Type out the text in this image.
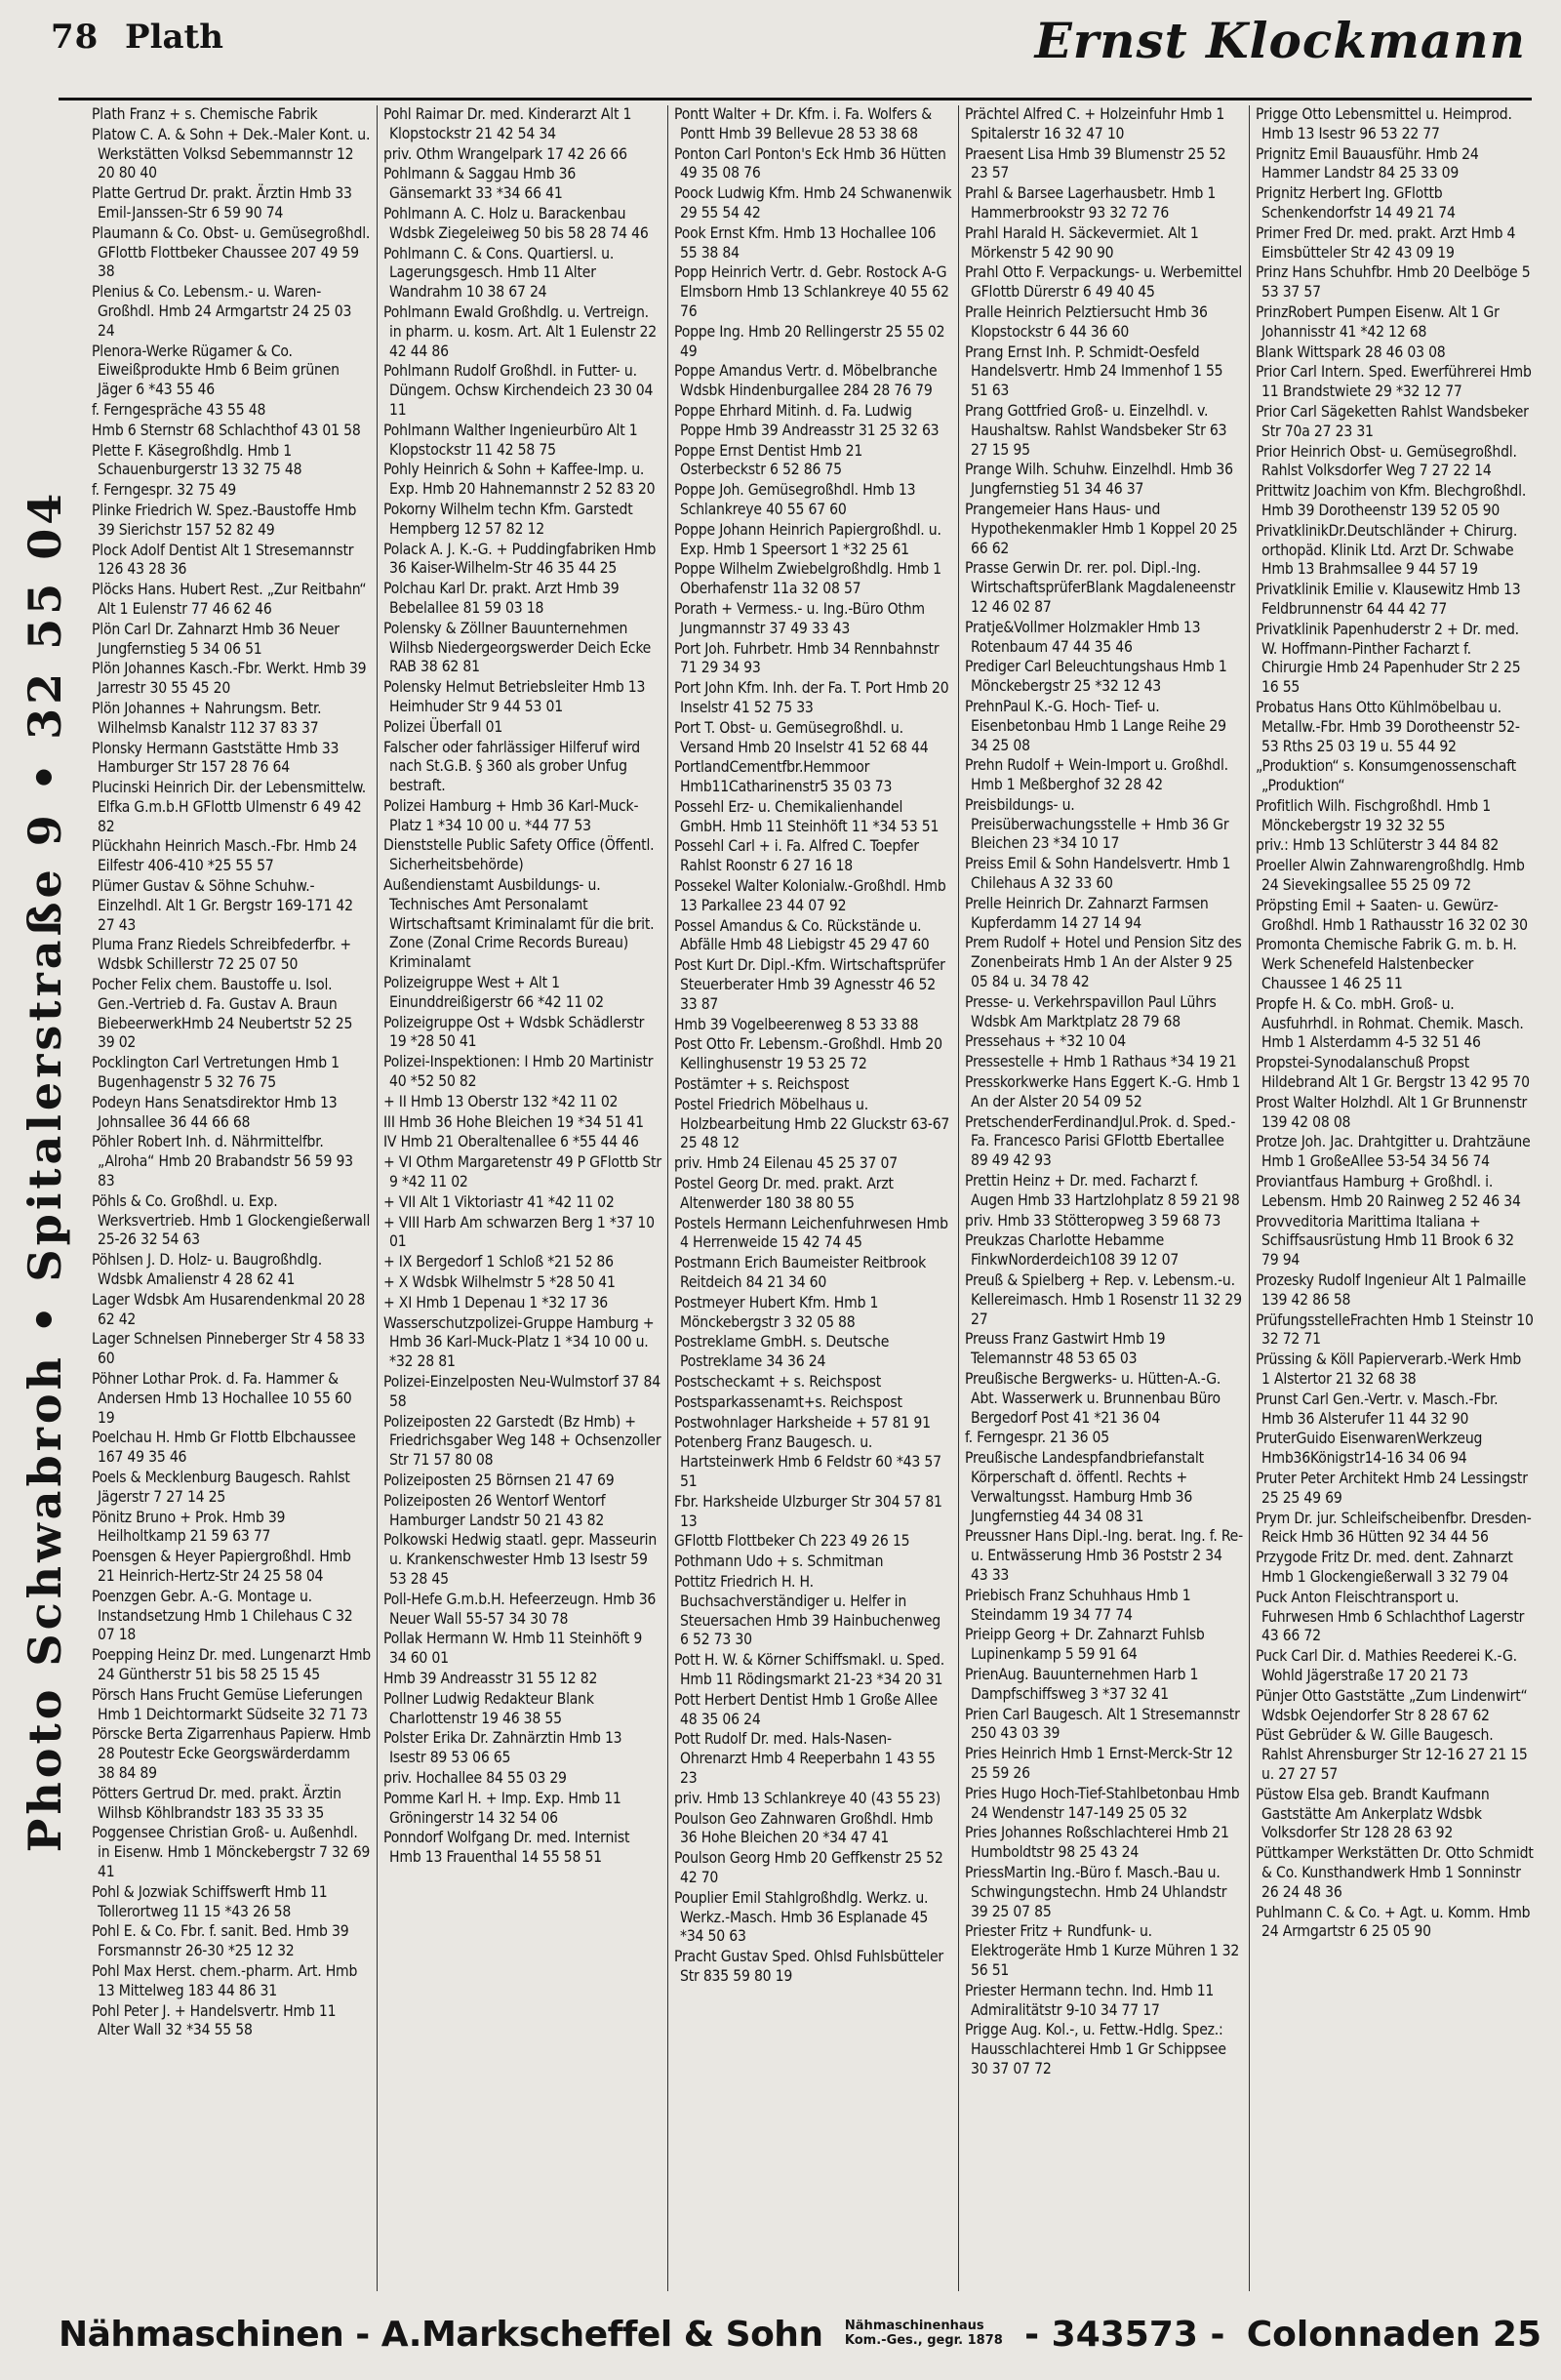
78 Plath	Ernst Klockmann
Photo Schwabroh • Spitalerstraße 9 • 32 55 04
Plath Franz + s. Chemische Fabrik
Platow C. A. & Sohn + Dek.-Maler Kont. u. Werkstätten Volksd Sebemmannstr 12 20 80 40
Platte Gertrud Dr. prakt. Ärztin Hmb 33 Emil-Janssen-Str 6 59 90 74
Plaumann & Co. Obst- u. Gemüsegroßhdl. GFlottb Flottbeker Chaussee 207 49 59 38
Plenius & Co. Lebensm.- u. Waren-Großhdl. Hmb 24 Armgartstr 24 25 03 24
Plenora-Werke Rügamer & Co. Eiweißprodukte Hmb 6 Beim grünen Jäger 6 *43 55 46
f. Ferngespräche 43 55 48
Hmb 6 Sternstr 68 Schlachthof 43 01 58
Plette F. Käsegroßhdlg. Hmb 1 Schauenburgerstr 13 32 75 48
f. Ferngespr. 32 75 49
Plinke Friedrich W. Spez.-Baustoffe Hmb 39 Sierichstr 157 52 82 49
Plock Adolf Dentist Alt 1 Stresemannstr 126 43 28 36
Plöcks Hans. Hubert Rest. „Zur Reitbahn“ Alt 1 Eulenstr 77 46 62 46
Plön Carl Dr. Zahnarzt Hmb 36 Neuer Jungfernstieg 5 34 06 51
Plön Johannes Kasch.-Fbr. Werkt. Hmb 39 Jarrestr 30 55 45 20
Plön Johannes + Nahrungsm. Betr. Wilhelmsb Kanalstr 112 37 83 37
Plonsky Hermann Gaststätte Hmb 33 Hamburger Str 157 28 76 64
Plucinski Heinrich Dir. der Lebensmittelw. Elfka G.m.b.H GFlottb Ulmenstr 6 49 42 82
Plückhahn Heinrich Masch.-Fbr. Hmb 24 Eilfestr 406-410 *25 55 57
Plümer Gustav & Söhne Schuhw.-Einzelhdl. Alt 1 Gr. Bergstr 169-171 42 27 43
Pluma Franz Riedels Schreibfederfbr. + Wdsbk Schillerstr 72 25 07 50
Pocher Felix chem. Baustoffe u. Isol. Gen.-Vertrieb d. Fa. Gustav A. Braun BiebeerwerkHmb 24 Neubertstr 52 25 39 02
Pocklington Carl Vertretungen Hmb 1 Bugenhagenstr 5 32 76 75
Podeyn Hans Senatsdirektor Hmb 13 Johnsallee 36 44 66 68
Pöhler Robert Inh. d. Nährmittelfbr. „Alroha“ Hmb 20 Brabandstr 56 59 93 83
Pöhls & Co. Großhdl. u. Exp. Werksvertrieb. Hmb 1 Glockengießerwall 25-26 32 54 63
Pöhlsen J. D. Holz- u. Baugroßhdlg. Wdsbk Amalienstr 4 28 62 41
Lager Wdsbk Am Husarendenkmal 20 28 62 42
Lager Schnelsen Pinneberger Str 4 58 33 60
Pöhner Lothar Prok. d. Fa. Hammer & Andersen Hmb 13 Hochallee 10 55 60 19
Poelchau H. Hmb Gr Flottb Elbchaussee 167 49 35 46
Poels & Mecklenburg Baugesch. Rahlst Jägerstr 7 27 14 25
Pönitz Bruno + Prok. Hmb 39 Heilholtkamp 21 59 63 77
Poensgen & Heyer Papiergroßhdl. Hmb 21 Heinrich-Hertz-Str 24 25 58 04
Poenzgen Gebr. A.-G. Montage u. Instandsetzung Hmb 1 Chilehaus C 32 07 18
Poepping Heinz Dr. med. Lungenarzt Hmb 24 Güntherstr 51 bis 58 25 15 45
Pörsch Hans Frucht Gemüse Lieferungen Hmb 1 Deichtormarkt Südseite 32 71 73
Pörscke Berta Zigarrenhaus Papierw. Hmb 28 Poutestr Ecke Georgswärderdamm 38 84 89
Pötters Gertrud Dr. med. prakt. Ärztin Wilhsb Köhlbrandstr 183 35 33 35
Poggensee Christian Groß- u. Außenhdl. in Eisenw. Hmb 1 Mönckebergstr 7 32 69 41
Pohl & Jozwiak Schiffswerft Hmb 11 Tollerortweg 11 15 *43 26 58
Pohl E. & Co. Fbr. f. sanit. Bed. Hmb 39 Forsmannstr 26-30 *25 12 32
Pohl Max Herst. chem.-pharm. Art. Hmb 13 Mittelweg 183 44 86 31
Pohl Peter J. + Handelsvertr. Hmb 11 Alter Wall 32 *34 55 58
Pohl Raimar Dr. med. Kinderarzt Alt 1 Klopstockstr 21 42 54 34
priv. Othm Wrangelpark 17 42 26 66
Pohlmann & Saggau Hmb 36 Gänsemarkt 33 *34 66 41
Pohlmann A. C. Holz u. Barackenbau Wdsbk Ziegeleiweg 50 bis 58 28 74 46
Pohlmann C. & Cons. Quartiersl. u. Lagerungsgesch. Hmb 11 Alter Wandrahm 10 38 67 24
Pohlmann Ewald Großhdlg. u. Vertreign. in pharm. u. kosm. Art. Alt 1 Eulenstr 22 42 44 86
Pohlmann Rudolf Großhdl. in Futter- u. Düngem. Ochsw Kirchendeich 23 30 04 11
Pohlmann Walther Ingenieurbüro Alt 1 Klopstockstr 11 42 58 75
Pohly Heinrich & Sohn + Kaffee-Imp. u. Exp. Hmb 20 Hahnemannstr 2 52 83 20
Pokorny Wilhelm techn Kfm. Garstedt Hempberg 12 57 82 12
Polack A. J. K.-G. + Puddingfabriken Hmb 36 Kaiser-Wilhelm-Str 46 35 44 25
Polchau Karl Dr. prakt. Arzt Hmb 39 Bebelallee 81 59 03 18
Polensky & Zöllner Bauunternehmen Wilhsb Niedergeorgswerder Deich Ecke RAB 38 62 81
Polensky Helmut Betriebsleiter Hmb 13 Heimhuder Str 9 44 53 01
Polizei Überfall 01
Falscher oder fahrlässiger Hilferuf wird nach St.G.B. § 360 als grober Unfug bestraft.
Polizei Hamburg + Hmb 36 Karl-Muck-Platz 1 *34 10 00 u. *44 77 53
Dienststelle Public Safety Office (Öffentl. Sicherheitsbehörde)
Außendienstamt Ausbildungs- u. Technisches Amt Personalamt Wirtschaftsamt Kriminalamt für die brit. Zone (Zonal Crime Records Bureau) Kriminalamt
Polizeigruppe West + Alt 1 Einunddreißigerstr 66 *42 11 02
Polizeigruppe Ost + Wdsbk Schädlerstr 19 *28 50 41
Polizei-Inspektionen: I Hmb 20 Martinistr 40 *52 50 82
+ II Hmb 13 Oberstr 132 *42 11 02
III Hmb 36 Hohe Bleichen 19 *34 51 41
IV Hmb 21 Oberaltenallee 6 *55 44 46
+ VI Othm Margaretenstr 49 P GFlottb Str 9 *42 11 02
+ VII Alt 1 Viktoriastr 41 *42 11 02
+ VIII Harb Am schwarzen Berg 1 *37 10 01
+ IX Bergedorf 1 Schloß *21 52 86
+ X Wdsbk Wilhelmstr 5 *28 50 41
+ XI Hmb 1 Depenau 1 *32 17 36
Wasserschutzpolizei-Gruppe Hamburg + Hmb 36 Karl-Muck-Platz 1 *34 10 00 u. *32 28 81
Polizei-Einzelposten Neu-Wulmstorf 37 84 58
Polizeiposten 22 Garstedt (Bz Hmb) + Friedrichsgaber Weg 148 + Ochsenzoller Str 71 57 80 08
Polizeiposten 25 Börnsen 21 47 69
Polizeiposten 26 Wentorf Wentorf Hamburger Landstr 50 21 43 82
Polkowski Hedwig staatl. gepr. Masseurin u. Krankenschwester Hmb 13 Isestr 59 53 28 45
Poll-Hefe G.m.b.H. Hefeerzeugn. Hmb 36 Neuer Wall 55-57 34 30 78
Pollak Hermann W. Hmb 11 Steinhöft 9 34 60 01
Hmb 39 Andreasstr 31 55 12 82
Pollner Ludwig Redakteur Blank Charlottenstr 19 46 38 55
Polster Erika Dr. Zahnärztin Hmb 13 Isestr 89 53 06 65
priv. Hochallee 84 55 03 29
Pomme Karl H. + Imp. Exp. Hmb 11 Gröningerstr 14 32 54 06
Ponndorf Wolfgang Dr. med. Internist Hmb 13 Frauenthal 14 55 58 51
Pontt Walter + Dr. Kfm. i. Fa. Wolfers & Pontt Hmb 39 Bellevue 28 53 38 68
Ponton Carl Ponton's Eck Hmb 36 Hütten 49 35 08 76
Poock Ludwig Kfm. Hmb 24 Schwanenwik 29 55 54 42
Pook Ernst Kfm. Hmb 13 Hochallee 106 55 38 84
Popp Heinrich Vertr. d. Gebr. Rostock A-G Elmsborn Hmb 13 Schlankreye 40 55 62 76
Poppe Ing. Hmb 20 Rellingerstr 25 55 02 49
Poppe Amandus Vertr. d. Möbelbranche Wdsbk Hindenburgallee 284 28 76 79
Poppe Ehrhard Mitinh. d. Fa. Ludwig Poppe Hmb 39 Andreasstr 31 25 32 63
Poppe Ernst Dentist Hmb 21 Osterbeckstr 6 52 86 75
Poppe Joh. Gemüsegroßhdl. Hmb 13 Schlankreye 40 55 67 60
Poppe Johann Heinrich Papiergroßhdl. u. Exp. Hmb 1 Speersort 1 *32 25 61
Poppe Wilhelm Zwiebelgroßhdlg. Hmb 1 Oberhafenstr 11a 32 08 57
Porath + Vermess.- u. Ing.-Büro Othm Jungmannstr 37 49 33 43
Port Joh. Fuhrbetr. Hmb 34 Rennbahnstr 71 29 34 93
Port John Kfm. Inh. der Fa. T. Port Hmb 20 Inselstr 41 52 75 33
Port T. Obst- u. Gemüsegroßhdl. u. Versand Hmb 20 Inselstr 41 52 68 44
PortlandCementfbr.Hemmoor Hmb11Catharinenstr5 35 03 73
Possehl Erz- u. Chemikalienhandel GmbH. Hmb 11 Steinhöft 11 *34 53 51
Possehl Carl + i. Fa. Alfred C. Toepfer Rahlst Roonstr 6 27 16 18
Possekel Walter Kolonialw.-Großhdl. Hmb 13 Parkallee 23 44 07 92
Possel Amandus & Co. Rückstände u. Abfälle Hmb 48 Liebigstr 45 29 47 60
Post Kurt Dr. Dipl.-Kfm. Wirtschaftsprüfer Steuerberater Hmb 39 Agnesstr 46 52 33 87
Hmb 39 Vogelbeerenweg 8 53 33 88
Post Otto Fr. Lebensm.-Großhdl. Hmb 20 Kellinghusenstr 19 53 25 72
Postämter + s. Reichspost
Postel Friedrich Möbelhaus u. Holzbearbeitung Hmb 22 Gluckstr 63-67 25 48 12
priv. Hmb 24 Eilenau 45 25 37 07
Postel Georg Dr. med. prakt. Arzt Altenwerder 180 38 80 55
Postels Hermann Leichenfuhrwesen Hmb 4 Herrenweide 15 42 74 45
Postmann Erich Baumeister Reitbrook Reitdeich 84 21 34 60
Postmeyer Hubert Kfm. Hmb 1 Mönckebergstr 3 32 05 88
Postreklame GmbH. s. Deutsche Postreklame 34 36 24
Postscheckamt + s. Reichspost
Postsparkassenamt+s. Reichspost
Postwohnlager Harksheide + 57 81 91
Potenberg Franz Baugesch. u. Hartsteinwerk Hmb 6 Feldstr 60 *43 57 51
Fbr. Harksheide Ulzburger Str 304 57 81 13
GFlottb Flottbeker Ch 223 49 26 15
Pothmann Udo + s. Schmitman
Pottitz Friedrich H. H. Buchsachverständiger u. Helfer in Steuersachen Hmb 39 Hainbuchenweg 6 52 73 30
Pott H. W. & Körner Schiffsmakl. u. Sped. Hmb 11 Rödingsmarkt 21-23 *34 20 31
Pott Herbert Dentist Hmb 1 Große Allee 48 35 06 24
Pott Rudolf Dr. med. Hals-Nasen-Ohrenarzt Hmb 4 Reeperbahn 1 43 55 23
priv. Hmb 13 Schlankreye 40 (43 55 23)
Poulson Geo Zahnwaren Großhdl. Hmb 36 Hohe Bleichen 20 *34 47 41
Poulson Georg Hmb 20 Geffkenstr 25 52 42 70
Pouplier Emil Stahlgroßhdlg. Werkz. u. Werkz.-Masch. Hmb 36 Esplanade 45 *34 50 63
Pracht Gustav Sped. Ohlsd Fuhlsbütteler Str 835 59 80 19
Prächtel Alfred C. + Holzeinfuhr Hmb 1 Spitalerstr 16 32 47 10
Praesent Lisa Hmb 39 Blumenstr 25 52 23 57
Prahl & Barsee Lagerhausbetr. Hmb 1 Hammerbrookstr 93 32 72 76
Prahl Harald H. Säckevermiet. Alt 1 Mörkenstr 5 42 90 90
Prahl Otto F. Verpackungs- u. Werbemittel GFlottb Dürerstr 6 49 40 45
Pralle Heinrich Pelztiersucht Hmb 36 Klopstockstr 6 44 36 60
Prang Ernst Inh. P. Schmidt-Oesfeld Handelsvertr. Hmb 24 Immenhof 1 55 51 63
Prang Gottfried Groß- u. Einzelhdl. v. Haushaltsw. Rahlst Wandsbeker Str 63 27 15 95
Prange Wilh. Schuhw. Einzelhdl. Hmb 36 Jungfernstieg 51 34 46 37
Prangemeier Hans Haus- und Hypothekenmakler Hmb 1 Koppel 20 25 66 62
Prasse Gerwin Dr. rer. pol. Dipl.-Ing. WirtschaftsprüferBlank Magdaleneenstr 12 46 02 87
Pratje&Vollmer Holzmakler Hmb 13 Rotenbaum 47 44 35 46
Prediger Carl Beleuchtungshaus Hmb 1 Mönckebergstr 25 *32 12 43
PrehnPaul K.-G. Hoch- Tief- u. Eisenbetonbau Hmb 1 Lange Reihe 29 34 25 08
Prehn Rudolf + Wein-Import u. Großhdl. Hmb 1 Meßberghof 32 28 42
Preisbildungs- u. Preisüberwachungsstelle + Hmb 36 Gr Bleichen 23 *34 10 17
Preiss Emil & Sohn Handelsvertr. Hmb 1 Chilehaus A 32 33 60
Prelle Heinrich Dr. Zahnarzt Farmsen Kupferdamm 14 27 14 94
Prem Rudolf + Hotel und Pension Sitz des Zonenbeirats Hmb 1 An der Alster 9 25 05 84 u. 34 78 42
Presse- u. Verkehrspavillon Paul Lührs Wdsbk Am Marktplatz 28 79 68
Pressehaus + *32 10 04
Pressestelle + Hmb 1 Rathaus *34 19 21
Presskorkwerke Hans Eggert K.-G. Hmb 1 An der Alster 20 54 09 52
PretschenderFerdinandJul.Prok. d. Sped.-Fa. Francesco Parisi GFlottb Ebertallee 89 49 42 93
Prettin Heinz + Dr. med. Facharzt f. Augen Hmb 33 Hartzlohplatz 8 59 21 98
priv. Hmb 33 Stötteropweg 3 59 68 73
Preukzas Charlotte Hebamme FinkwNorderdeich108 39 12 07
Preuß & Spielberg + Rep. v. Lebensm.-u. Kellereimasch. Hmb 1 Rosenstr 11 32 29 27
Preuss Franz Gastwirt Hmb 19 Telemannstr 48 53 65 03
Preußische Bergwerks- u. Hütten-A.-G. Abt. Wasserwerk u. Brunnenbau Büro Bergedorf Post 41 *21 36 04
f. Ferngespr. 21 36 05
Preußische Landespfandbriefanstalt Körperschaft d. öffentl. Rechts + Verwaltungsst. Hamburg Hmb 36 Jungfernstieg 44 34 08 31
Preussner Hans Dipl.-Ing. berat. Ing. f. Re-u. Entwässerung Hmb 36 Poststr 2 34 43 33
Priebisch Franz Schuhhaus Hmb 1 Steindamm 19 34 77 74
Prieipp Georg + Dr. Zahnarzt Fuhlsb Lupinenkamp 5 59 91 64
PrienAug. Bauunternehmen Harb 1 Dampfschiffsweg 3 *37 32 41
Prien Carl Baugesch. Alt 1 Stresemannstr 250 43 03 39
Pries Heinrich Hmb 1 Ernst-Merck-Str 12 25 59 26
Pries Hugo Hoch-Tief-Stahlbetonbau Hmb 24 Wendenstr 147-149 25 05 32
Pries Johannes Roßschlachterei Hmb 21 Humboldtstr 98 25 43 24
PriessMartin Ing.-Büro f. Masch.-Bau u. Schwingungstechn. Hmb 24 Uhlandstr 39 25 07 85
Priester Fritz + Rundfunk- u. Elektrogeräte Hmb 1 Kurze Mühren 1 32 56 51
Priester Hermann techn. Ind. Hmb 11 Admiralitätstr 9-10 34 77 17
Prigge Aug. Kol.-, u. Fettw.-Hdlg. Spez.: Hausschlachterei Hmb 1 Gr Schippsee 30 37 07 72
Prigge Otto Lebensmittel u. Heimprod. Hmb 13 Isestr 96 53 22 77
Prignitz Emil Bauausführ. Hmb 24 Hammer Landstr 84 25 33 09
Prignitz Herbert Ing. GFlottb Schenkendorfstr 14 49 21 74
Primer Fred Dr. med. prakt. Arzt Hmb 4 Eimsbütteler Str 42 43 09 19
Prinz Hans Schuhfbr. Hmb 20 Deelböge 5 53 37 57
PrinzRobert Pumpen Eisenw. Alt 1 Gr Johannisstr 41 *42 12 68
Blank Wittspark 28 46 03 08
Prior Carl Intern. Sped. Ewerführerei Hmb 11 Brandstwiete 29 *32 12 77
Prior Carl Sägeketten Rahlst Wandsbeker Str 70a 27 23 31
Prior Heinrich Obst- u. Gemüsegroßhdl. Rahlst Volksdorfer Weg 7 27 22 14
Prittwitz Joachim von Kfm. Blechgroßhdl. Hmb 39 Dorotheenstr 139 52 05 90
PrivatklinikDr.Deutschländer + Chirurg. orthopäd. Klinik Ltd. Arzt Dr. Schwabe Hmb 13 Brahmsallee 9 44 57 19
Privatklinik Emilie v. Klausewitz Hmb 13 Feldbrunnenstr 64 44 42 77
Privatklinik Papenhuderstr 2 + Dr. med. W. Hoffmann-Pinther Facharzt f. Chirurgie Hmb 24 Papenhuder Str 2 25 16 55
Probatus Hans Otto Kühlmöbelbau u. Metallw.-Fbr. Hmb 39 Dorotheenstr 52-53 Rths 25 03 19 u. 55 44 92
„Produktion“ s. Konsumgenossenschaft „Produktion“
Profitlich Wilh. Fischgroßhdl. Hmb 1 Mönckebergstr 19 32 32 55
priv.: Hmb 13 Schlüterstr 3 44 84 82
Proeller Alwin Zahnwarengroßhdlg. Hmb 24 Sievekingsallee 55 25 09 72
Pröpsting Emil + Saaten- u. Gewürz-Großhdl. Hmb 1 Rathausstr 16 32 02 30
Promonta Chemische Fabrik G. m. b. H. Werk Schenefeld Halstenbecker Chaussee 1 46 25 11
Propfe H. & Co. mbH. Groß- u. Ausfuhrhdl. in Rohmat. Chemik. Masch. Hmb 1 Alsterdamm 4-5 32 51 46
Propstei-Synodalanschuß Propst Hildebrand Alt 1 Gr. Bergstr 13 42 95 70
Prost Walter Holzhdl. Alt 1 Gr Brunnenstr 139 42 08 08
Protze Joh. Jac. Drahtgitter u. Drahtzäune Hmb 1 GroßeAllee 53-54 34 56 74
Proviantfaus Hamburg + Großhdl. i. Lebensm. Hmb 20 Rainweg 2 52 46 34
Provveditoria Marittima Italiana + Schiffsausrüstung Hmb 11 Brook 6 32 79 94
Prozesky Rudolf Ingenieur Alt 1 Palmaille 139 42 86 58
PrüfungsstelleFrachten Hmb 1 Steinstr 10 32 72 71
Prüssing & Köll Papierverarb.-Werk Hmb 1 Alstertor 21 32 68 38
Prunst Carl Gen.-Vertr. v. Masch.-Fbr. Hmb 36 Alsterufer 11 44 32 90
PruterGuido EisenwarenWerkzeug Hmb36Königstr14-16 34 06 94
Pruter Peter Architekt Hmb 24 Lessingstr 25 25 49 69
Prym Dr. jur. Schleifscheibenfbr. Dresden-Reick Hmb 36 Hütten 92 34 44 56
Przygode Fritz Dr. med. dent. Zahnarzt Hmb 1 Glockengießerwall 3 32 79 04
Puck Anton Fleischtransport u. Fuhrwesen Hmb 6 Schlachthof Lagerstr 43 66 72
Puck Carl Dir. d. Mathies Reederei K.-G. Wohld Jägerstraße 17 20 21 73
Pünjer Otto Gaststätte „Zum Lindenwirt“ Wdsbk Oejendorfer Str 8 28 67 62
Püst Gebrüder & W. Gille Baugesch. Rahlst Ahrensburger Str 12-16 27 21 15 u. 27 27 57
Püstow Elsa geb. Brandt Kaufmann Gaststätte Am Ankerplatz Wdsbk Volksdorfer Str 128 28 63 92
Püttkamper Werkstätten Dr. Otto Schmidt & Co. Kunsthandwerk Hmb 1 Sonninstr 26 24 48 36
Puhlmann C. & Co. + Agt. u. Komm. Hmb 24 Armgartstr 6 25 05 90
Nähmaschinen - A.Markscheffel & Sohn Nähmaschinenhaus
Kom.-Ges., gegr. 1878 - 343573 - Colonnaden 25
